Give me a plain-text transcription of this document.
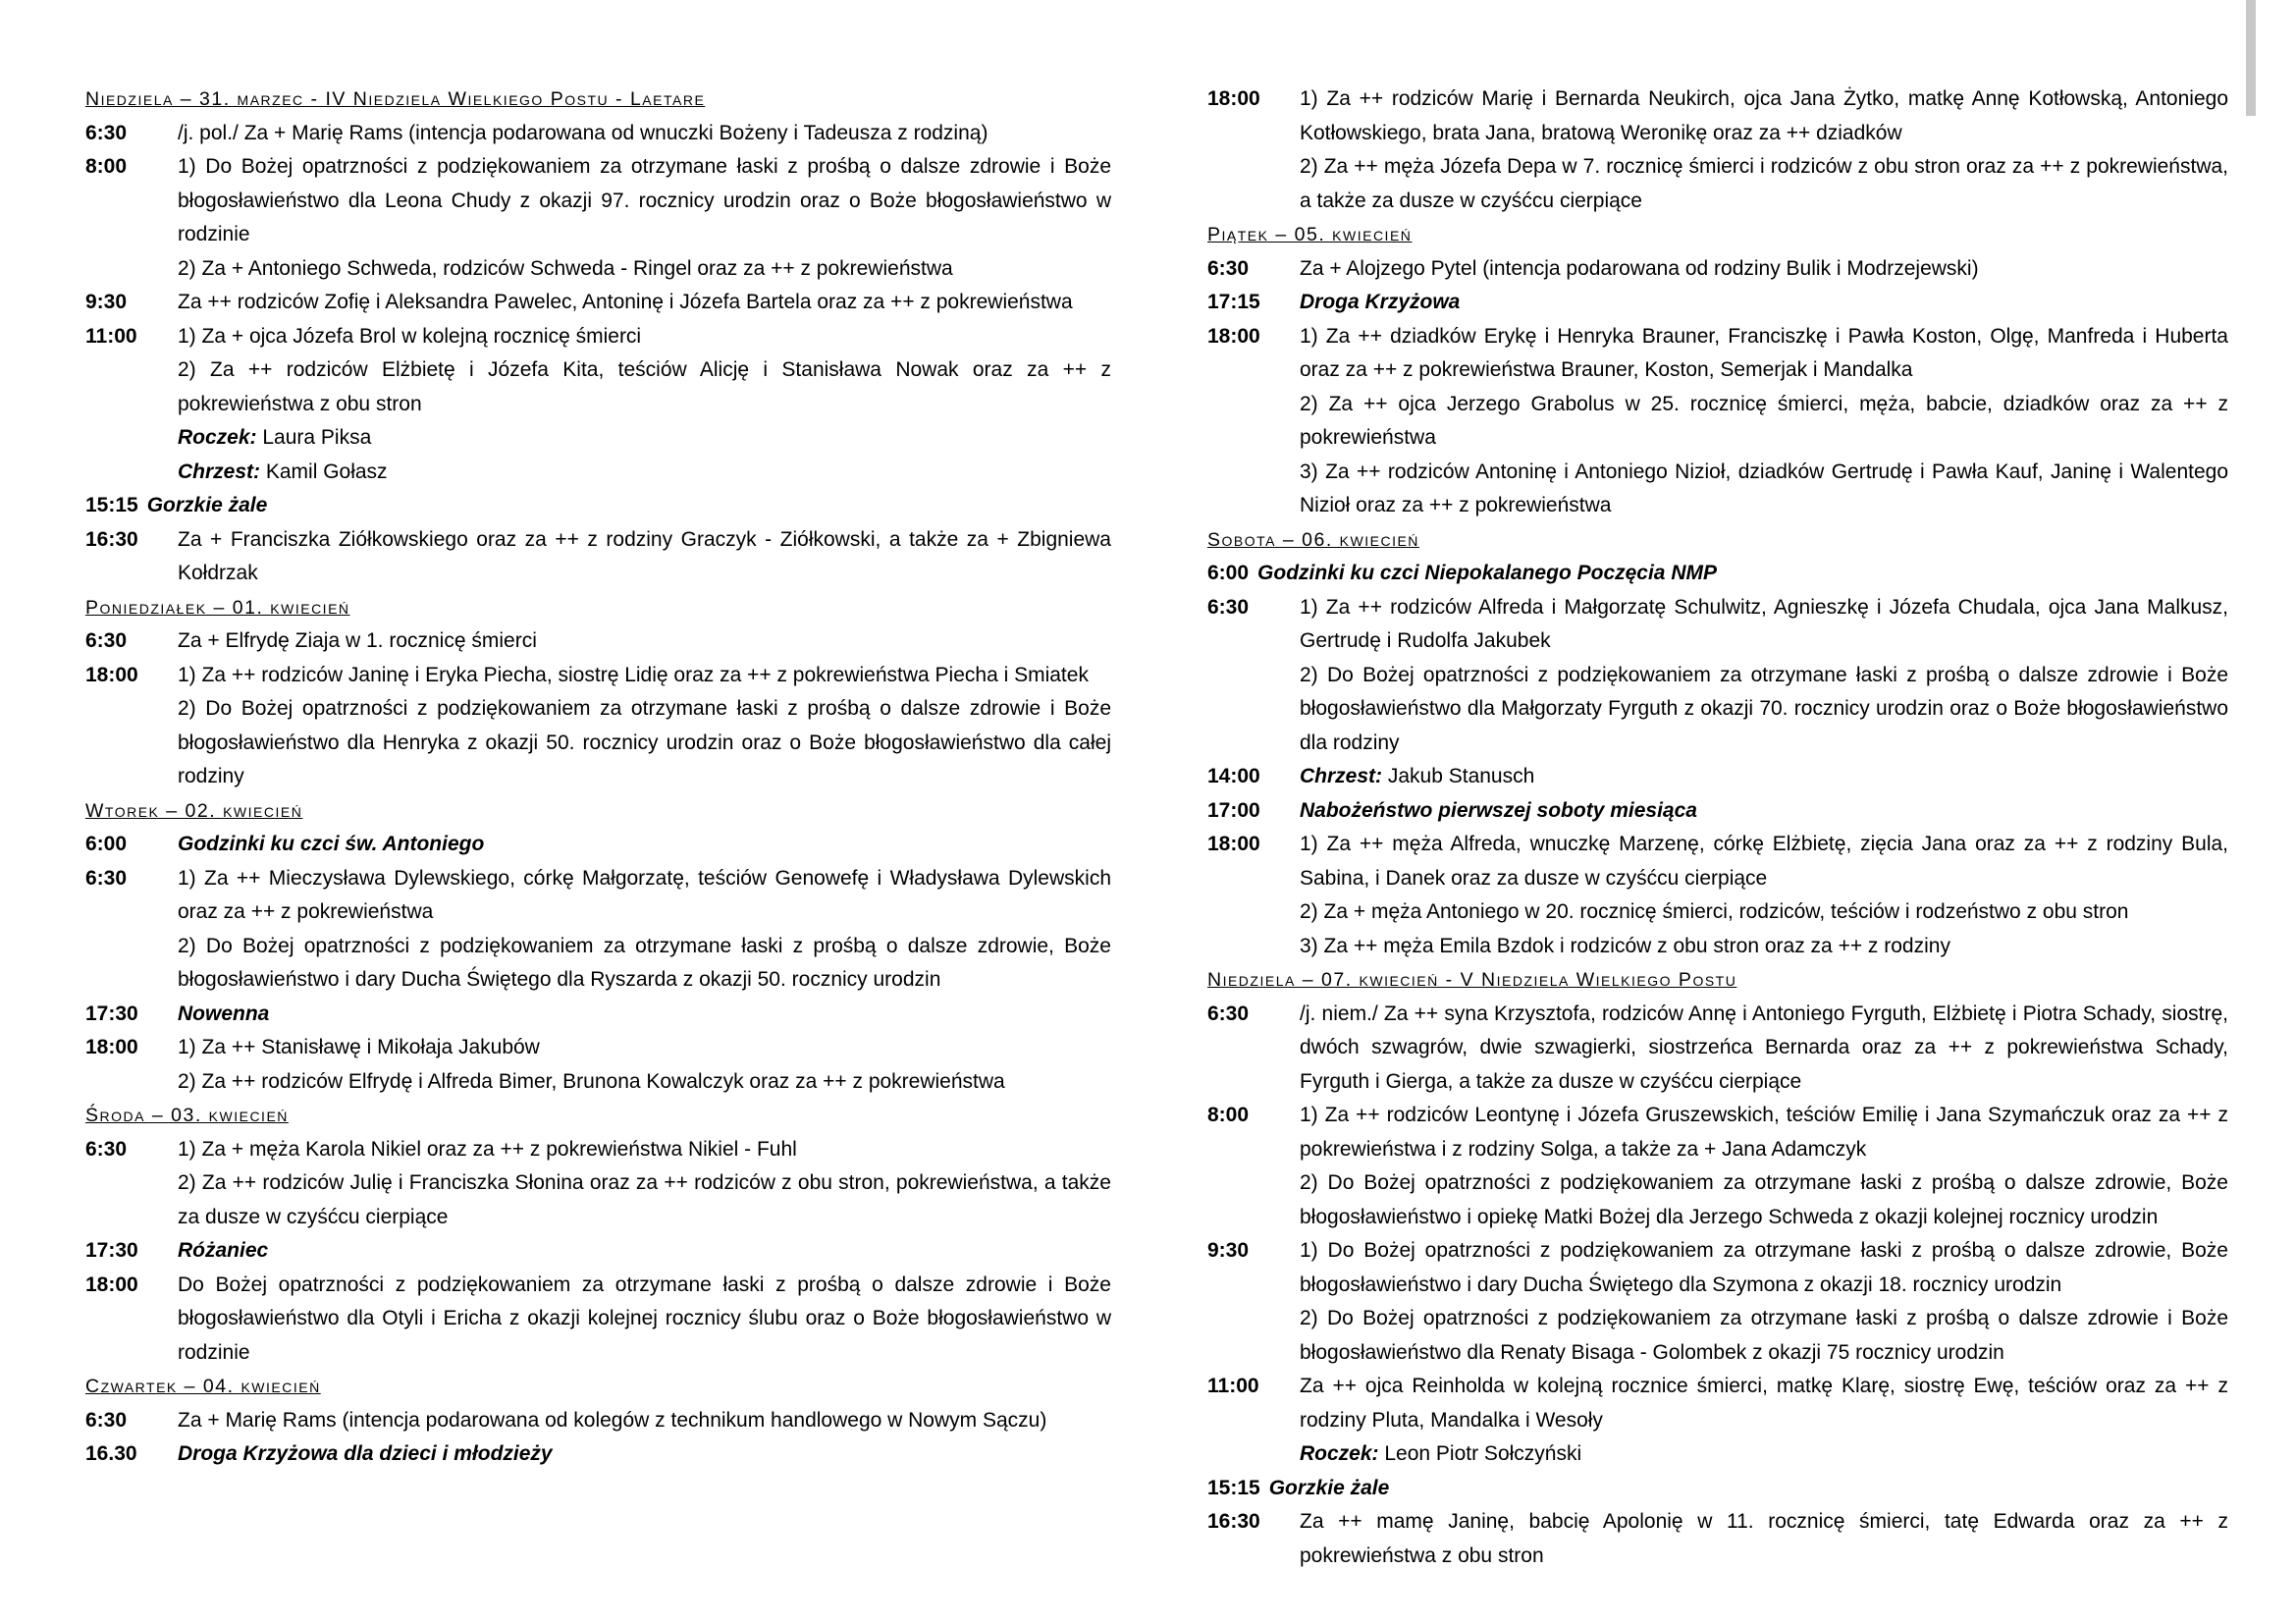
Niedziela – 31. marzec - IV Niedziela Wielkiego Postu - Laetare
6:30	/j. pol./ Za + Marię Rams (intencja podarowana od wnuczki Bożeny i Tadeusza z rodziną)
8:00	1) Do Bożej opatrzności z podziękowaniem za otrzymane łaski z prośbą o dalsze zdrowie i Boże błogosławieństwo dla Leona Chudy z okazji 97. rocznicy urodzin oraz o Boże błogosławieństwo w rodzinie
2) Za + Antoniego Schweda, rodziców Schweda - Ringel oraz za ++ z pokrewieństwa
9:30	Za ++ rodziców Zofię i Aleksandra Pawelec, Antoninę i Józefa Bartela oraz za ++ z pokrewieństwa
11:00	1) Za + ojca Józefa Brol w kolejną rocznicę śmierci
2) Za ++ rodziców Elżbietę i Józefa Kita, teściów Alicję i Stanisława Nowak oraz za ++ z pokrewieństwa z obu stron
Roczek: Laura Piksa
Chrzest: Kamil Gołasz
15:15 Gorzkie żale
16:30	Za + Franciszka Ziółkowskiego oraz za ++ z rodziny Graczyk - Ziółkowski, a także za + Zbigniewa Kołdrzak
Poniedziałek – 01. kwiecień
6:30	Za + Elfrydę Ziaja w 1. rocznicę śmierci
18:00	1) Za ++ rodziców Janinę i Eryka Piecha, siostrę Lidię oraz za ++ z pokrewieństwa Piecha i Smiatek
2) Do Bożej opatrzności z podziękowaniem za otrzymane łaski z prośbą o dalsze zdrowie i Boże błogosławieństwo dla Henryka z okazji 50. rocznicy urodzin oraz o Boże błogosławieństwo dla całej rodziny
Wtorek – 02. kwiecień
6:00	Godzinki ku czci św. Antoniego
6:30	1) Za ++ Mieczysława Dylewskiego, córkę Małgorzatę, teściów Genowefę i Władysława Dylewskich oraz za ++ z pokrewieństwa
2) Do Bożej opatrzności z podziękowaniem za otrzymane łaski z prośbą o dalsze zdrowie, Boże błogosławieństwo i dary Ducha Świętego dla Ryszarda z okazji 50. rocznicy urodzin
17:30	Nowenna
18:00	1) Za ++ Stanisławę i Mikołaja Jakubów
2) Za ++ rodziców Elfrydę i Alfreda Bimer, Brunona Kowalczyk oraz za ++ z pokrewieństwa
Środa – 03. kwiecień
6:30	1) Za + męża Karola Nikiel oraz za ++ z pokrewieństwa Nikiel - Fuhl
2) Za ++ rodziców Julię i Franciszka Słonina oraz za ++ rodziców z obu stron, pokrewieństwa, a także za dusze w czyśćcu cierpiące
17:30	Różaniec
18:00	Do Bożej opatrzności z podziękowaniem za otrzymane łaski z prośbą o dalsze zdrowie i Boże błogosławieństwo dla Otyli i Ericha z okazji kolejnej rocznicy ślubu oraz o Boże błogosławieństwo w rodzinie
Czwartek – 04. kwiecień
6:30	Za + Marię Rams (intencja podarowana od kolegów z technikum handlowego w Nowym Sączu)
16.30	Droga Krzyżowa dla dzieci i młodzieży
18:00	1) Za ++ rodziców Marię i Bernarda Neukirch, ojca Jana Żytko, matkę Annę Kotłowską, Antoniego Kotłowskiego, brata Jana, bratową Weronikę oraz za ++ dziadków
2) Za ++ męża Józefa Depa w 7. rocznicę śmierci i rodziców z obu stron oraz za ++ z pokrewieństwa, a także za dusze w czyśćcu cierpiące
Piątek – 05. kwiecień
6:30	Za + Alojzego Pytel (intencja podarowana od rodziny Bulik i Modrzejewski)
17:15	Droga Krzyżowa
18:00	1) Za ++ dziadków Erykę i Henryka Brauner, Franciszkę i Pawła Koston, Olgę, Manfreda i Huberta oraz za ++ z pokrewieństwa Brauner, Koston, Semerjak i Mandalka
2) Za ++ ojca Jerzego Grabolus w 25. rocznicę śmierci, męża, babcie, dziadków oraz za ++ z pokrewieństwa
3) Za ++ rodziców Antoninę i Antoniego Nizioł, dziadków Gertrudę i Pawła Kauf, Janinę i Walentego Nizioł oraz za ++ z pokrewieństwa
Sobota – 06. kwiecień
6:00 Godzinki ku czci Niepokalanego Poczęcia NMP
6:30	1) Za ++ rodziców Alfreda i Małgorzatę Schulwitz, Agnieszkę i Józefa Chudala, ojca Jana Malkusz, Gertrudę i Rudolfa Jakubek
2) Do Bożej opatrzności z podziękowaniem za otrzymane łaski z prośbą o dalsze zdrowie i Boże błogosławieństwo dla Małgorzaty Fyrguth z okazji 70. rocznicy urodzin oraz o Boże błogosławieństwo dla rodziny
14:00	Chrzest: Jakub Stanusch
17:00	Nabożeństwo pierwszej soboty miesiąca
18:00	1) Za ++ męża Alfreda, wnuczkę Marzenę, córkę Elżbietę, zięcia Jana oraz za ++ z rodziny Bula, Sabina, i Danek oraz za dusze w czyśćcu cierpiące
2) Za + męża Antoniego w 20. rocznicę śmierci, rodziców, teściów i rodzeństwo z obu stron
3) Za ++ męża Emila Bzdok i rodziców z obu stron oraz za ++ z rodziny
Niedziela – 07. kwiecień - V Niedziela Wielkiego Postu
6:30	/j. niem./ Za ++ syna Krzysztofa, rodziców Annę i Antoniego Fyrguth, Elżbietę i Piotra Schady, siostrę, dwóch szwagrów, dwie szwagierki, siostrzeńca Bernarda oraz za ++ z pokrewieństwa Schady, Fyrguth i Gierga, a także za dusze w czyśćcu cierpiące
8:00	1) Za ++ rodziców Leontynę i Józefa Gruszewskich, teściów Emilię i Jana Szymańczuk oraz za ++ z pokrewieństwa i z rodziny Solga, a także za + Jana Adamczyk
2) Do Bożej opatrzności z podziękowaniem za otrzymane łaski z prośbą o dalsze zdrowie, Boże błogosławieństwo i opiekę Matki Bożej dla Jerzego Schweda z okazji kolejnej rocznicy urodzin
9:30	1) Do Bożej opatrzności z podziękowaniem za otrzymane łaski z prośbą o dalsze zdrowie, Boże błogosławieństwo i dary Ducha Świętego dla Szymona z okazji 18. rocznicy urodzin
2) Do Bożej opatrzności z podziękowaniem za otrzymane łaski z prośbą o dalsze zdrowie i Boże błogosławieństwo dla Renaty Bisaga - Golombek z okazji 75 rocznicy urodzin
11:00	Za ++ ojca Reinholda w kolejną rocznice śmierci, matkę Klarę, siostrę Ewę, teściów oraz za ++ z rodziny Pluta, Mandalka i Wesoły
Roczek: Leon Piotr Sołczyński
15:15 Gorzkie żale
16:30	Za ++ mamę Janinę, babcię Apolonię w 11. rocznicę śmierci, tatę Edwarda oraz za ++ z pokrewieństwa z obu stron
